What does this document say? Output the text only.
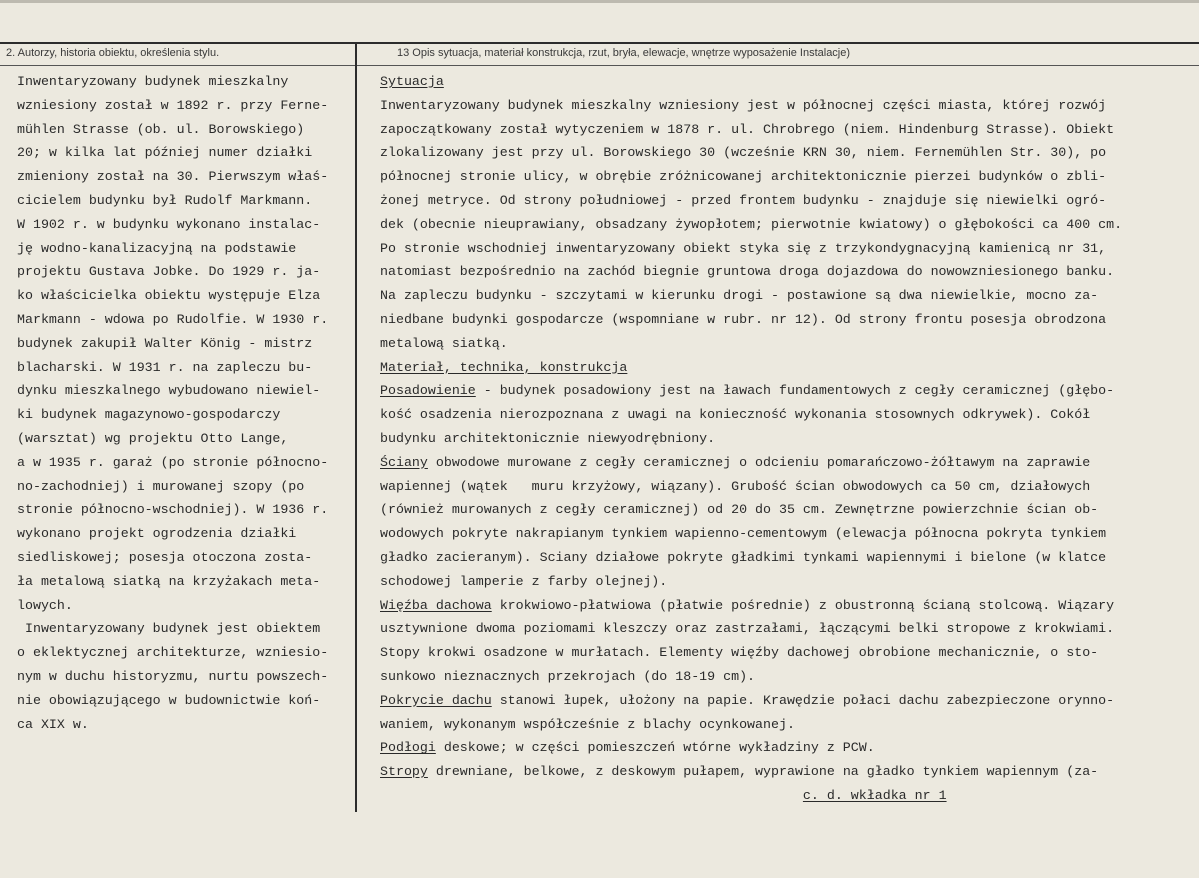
2. Autorzy, historia obiektu, określenia stylu.	13 Opis sytuacja, materiał konstrukcja, rzut, bryła, elewacje, wnętrze wyposażenie Instalacje)
Inwentaryzowany budynek mieszkalny
wzniesiony został w 1892 r. przy Ferne-
mühlen Strasse (ob. ul. Borowskiego)
20; w kilka lat później numer działki
zmieniony został na 30. Pierwszym właś-
cicielem budynku był Rudolf Markmann.
W 1902 r. w budynku wykonano instalac-
ję wodno-kanalizacyjną na podstawie
projektu Gustava Jobke. Do 1929 r. ja-
ko właścicielka obiektu występuje Elza
Markmann - wdowa po Rudolfie. W 1930 r.
budynek zakupił Walter König - mistrz
blacharski. W 1931 r. na zapleczu bu-
dynku mieszkalnego wybudowano niewiel-
ki budynek magazynowo-gospodarczy
(warsztat) wg projektu Otto Lange,
a w 1935 r. garaż (po stronie północno-
no-zachodniej) i murowanej szopy (po
stronie północno-wschodniej). W 1936 r.
wykonano projekt ogrodzenia działki
siedliskowej; posesja otoczona zosta-
ła metalową siatką na krzyżakach meta-
lowych.
Inwentaryzowany budynek jest obiektem
o eklektycznej architekturze, wzniesio-
nym w duchu historyzmu, nurtu powszech-
nie obowiązującego w budownictwie koń-
ca XIX w.
Sytuacja
Inwentaryzowany budynek mieszkalny wzniesiony jest w północnej części miasta, której rozwój
zapoczątkowany został wytyczeniem w 1878 r. ul. Chrobrego (niem. Hindenburg Strasse). Obiekt
zlokalizowany jest przy ul. Borowskiego 30 (wcześnie KRN 30, niem. Fernemühlen Str. 30), po
północnej stronie ulicy, w obrębie zróżnicowanej architektonicznie pierzei budynków o zbli-
żonej metryce. Od strony południowej - przed frontem budynku - znajduje się niewielki ogró-
dek (obecnie nieuprawiany, obsadzany żywopłotem; pierwotnie kwiatowy) o głębokości ca 400 cm.
Po stronie wschodniej inwentaryzowany obiekt styka się z trzykondygnacyjną kamienicą nr 31,
natomiast bezpośrednio na zachód biegnie gruntowa droga dojazdowa do nowowzniesionego banku.
Na zapleczu budynku - szczytami w kierunku drogi - postawione są dwa niewielkie, mocno za-
niedbane budynki gospodarcze (wspomniane w rubr. nr 12). Od strony frontu posesja obrodzona
metalową siatką.
Materiał, technika, konstrukcja
Posadowienie - budynek posadowiony jest na ławach fundamentowych z cegły ceramicznej (głębo-
kość osadzenia nierozpoznana z uwagi na konieczność wykonania stosownych odkrywek). Cokół
budynku architektonicznie niewyodrębniony.
Ściany obwodowe murowane z cegły ceramicznej o odcieniu pomarańczowo-żółtawym na zaprawie
wapiennej (wątek   muru krzyżowy, wiązany). Grubość ścian obwodowych ca 50 cm, działowych
(również murowanych z cegły ceramicznej) od 20 do 35 cm. Zewnętrzne powierzchnie ścian ob-
wodowych pokryte nakrapianym tynkiem wapienno-cementowym (elewacja północna pokryta tynkiem
gładko zacieranym). Sciany działowe pokryte gładkimi tynkami wapiennymi i bielone (w klatce
schodowej lamperie z farby olejnej).
Więźba dachowa krokwiowo-płatwiowa (płatwie pośrednie) z obustronną ścianą stolcową. Wiązary
usztywnione dwoma poziomami kleszczy oraz zastrzałami, łączącymi belki stropowe z krokwiami.
Stopy krokwi osadzone w murłatach. Elementy więźby dachowej obrobione mechanicznie, o sto-
sunkowo nieznacznych przekrojach (do 18-19 cm).
Pokrycie dachu stanowi łupek, ułożony na papie. Krawędzie połaci dachu zabezpieczone orynno-
waniem, wykonanym współcześnie z blachy ocynkowanej.
Podłogi deskowe; w części pomieszczeń wtórne wykładziny z PCW.
Stropy drewniane, belkowe, z deskowym pułapem, wyprawione na gładko tynkiem wapiennym (za-
c. d. wkładka nr 1
